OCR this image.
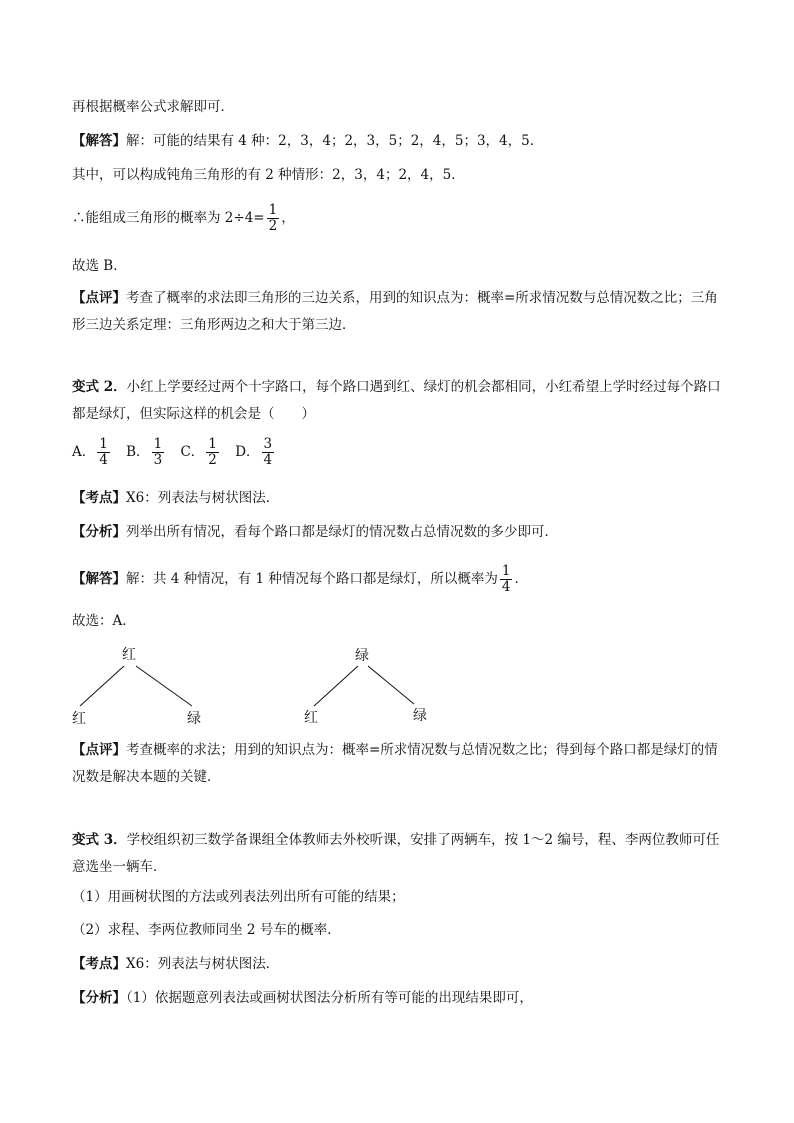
再根据概率公式求解即可．
【解答】解：可能的结果有 4 种：2，3，4；2，3，5；2，4，5；3，4，5．
其中，可以构成钝角三角形的有 2 种情形：2，3，4；2，4，5．
∴能组成三角形的概率为 $2\div 4= \frac{1}{2}$ ，
故选 B．
【点评】考查了概率的求法即三角形的三边关系，用到的知识点为：概率=所求情况数与总情况数之比；三角形三边关系定理：三角形两边之和大于第三边．
变式 2．小红上学要经过两个十字路口，每个路口遇到红、绿灯的机会都相同，小红希望上学时经过每个路口都是绿灯，但实际这样的机会是（　　）
A． $\frac{1}{4}$ B． $\frac{1}{3}$ C． $\frac{1}{2}$ D． $\frac{3}{4}$
【考点】X6：列表法与树状图法．
【分析】列举出所有情况，看每个路口都是绿灯的情况数占总情况数的多少即可．
【解答】解：共 4 种情况，有 1 种情况每个路口都是绿灯，所以概率为 $\frac{1}{4}$ ．
故选：A．
红
红	绿
绿
红	绿
【点评】考查概率的求法；用到的知识点为：概率=所求情况数与总情况数之比；得到每个路口都是绿灯的情况数是解决本题的关键．
变式 3．学校组织初三数学备课组全体教师去外校听课，安排了两辆车，按 1～2 编号，程、李两位教师可任意选坐一辆车．
（1）用画树状图的方法或列表法列出所有可能的结果；
（2）求程、李两位教师同坐 2 号车的概率．
【考点】X6：列表法与树状图法．
【分析】（1）依据题意列表法或画树状图法分析所有等可能的出现结果即可，
